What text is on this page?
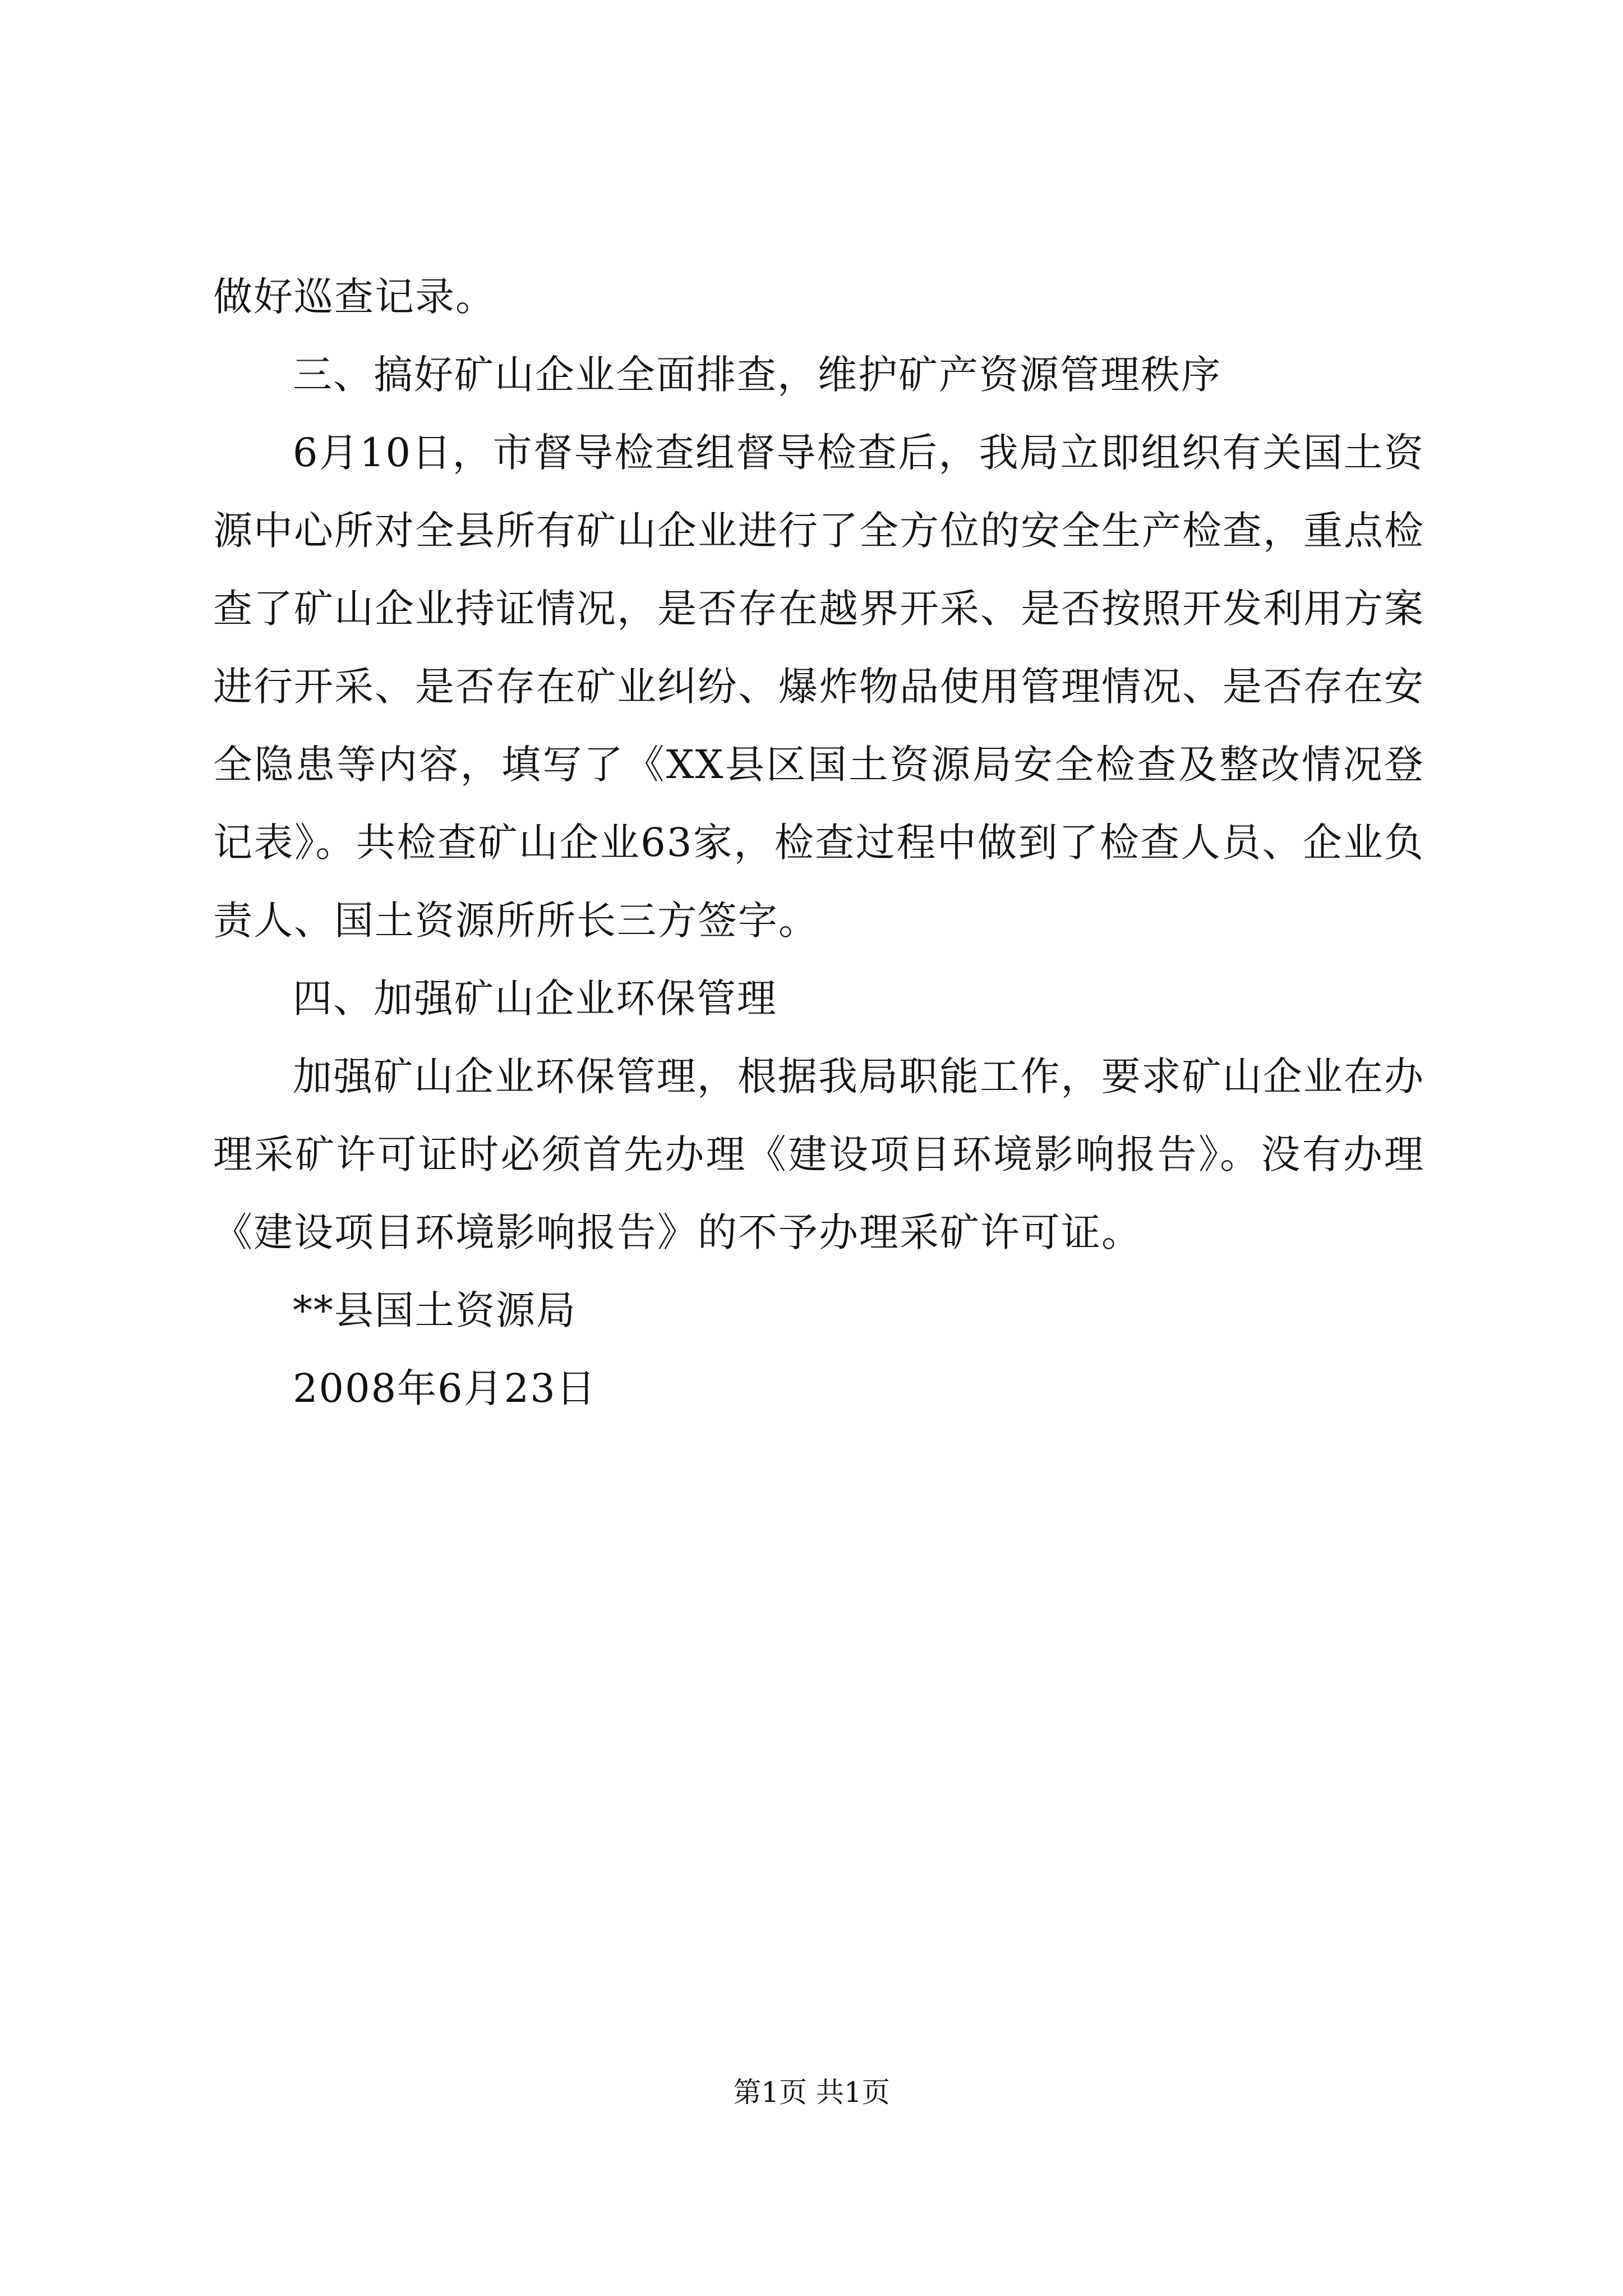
做好巡查记录。

三、搞好矿山企业全面排查，维护矿产资源管理秩序

6月10日，市督导检查组督导检查后，我局立即组织有关国土资源中心所对全县所有矿山企业进行了全方位的安全生产检查，重点检查了矿山企业持证情况，是否存在越界开采、是否按照开发利用方案进行开采、是否存在矿业纠纷、爆炸物品使用管理情况、是否存在安全隐患等内容，填写了《XX县区国土资源局安全检查及整改情况登记表》。共检查矿山企业63家，检查过程中做到了检查人员、企业负责人、国土资源所所长三方签字。

四、加强矿山企业环保管理

加强矿山企业环保管理，根据我局职能工作，要求矿山企业在办理采矿许可证时必须首先办理《建设项目环境影响报告》。没有办理《建设项目环境影响报告》的不予办理采矿许可证。

**县国土资源局

2008年6月23日

第1页 共1页
